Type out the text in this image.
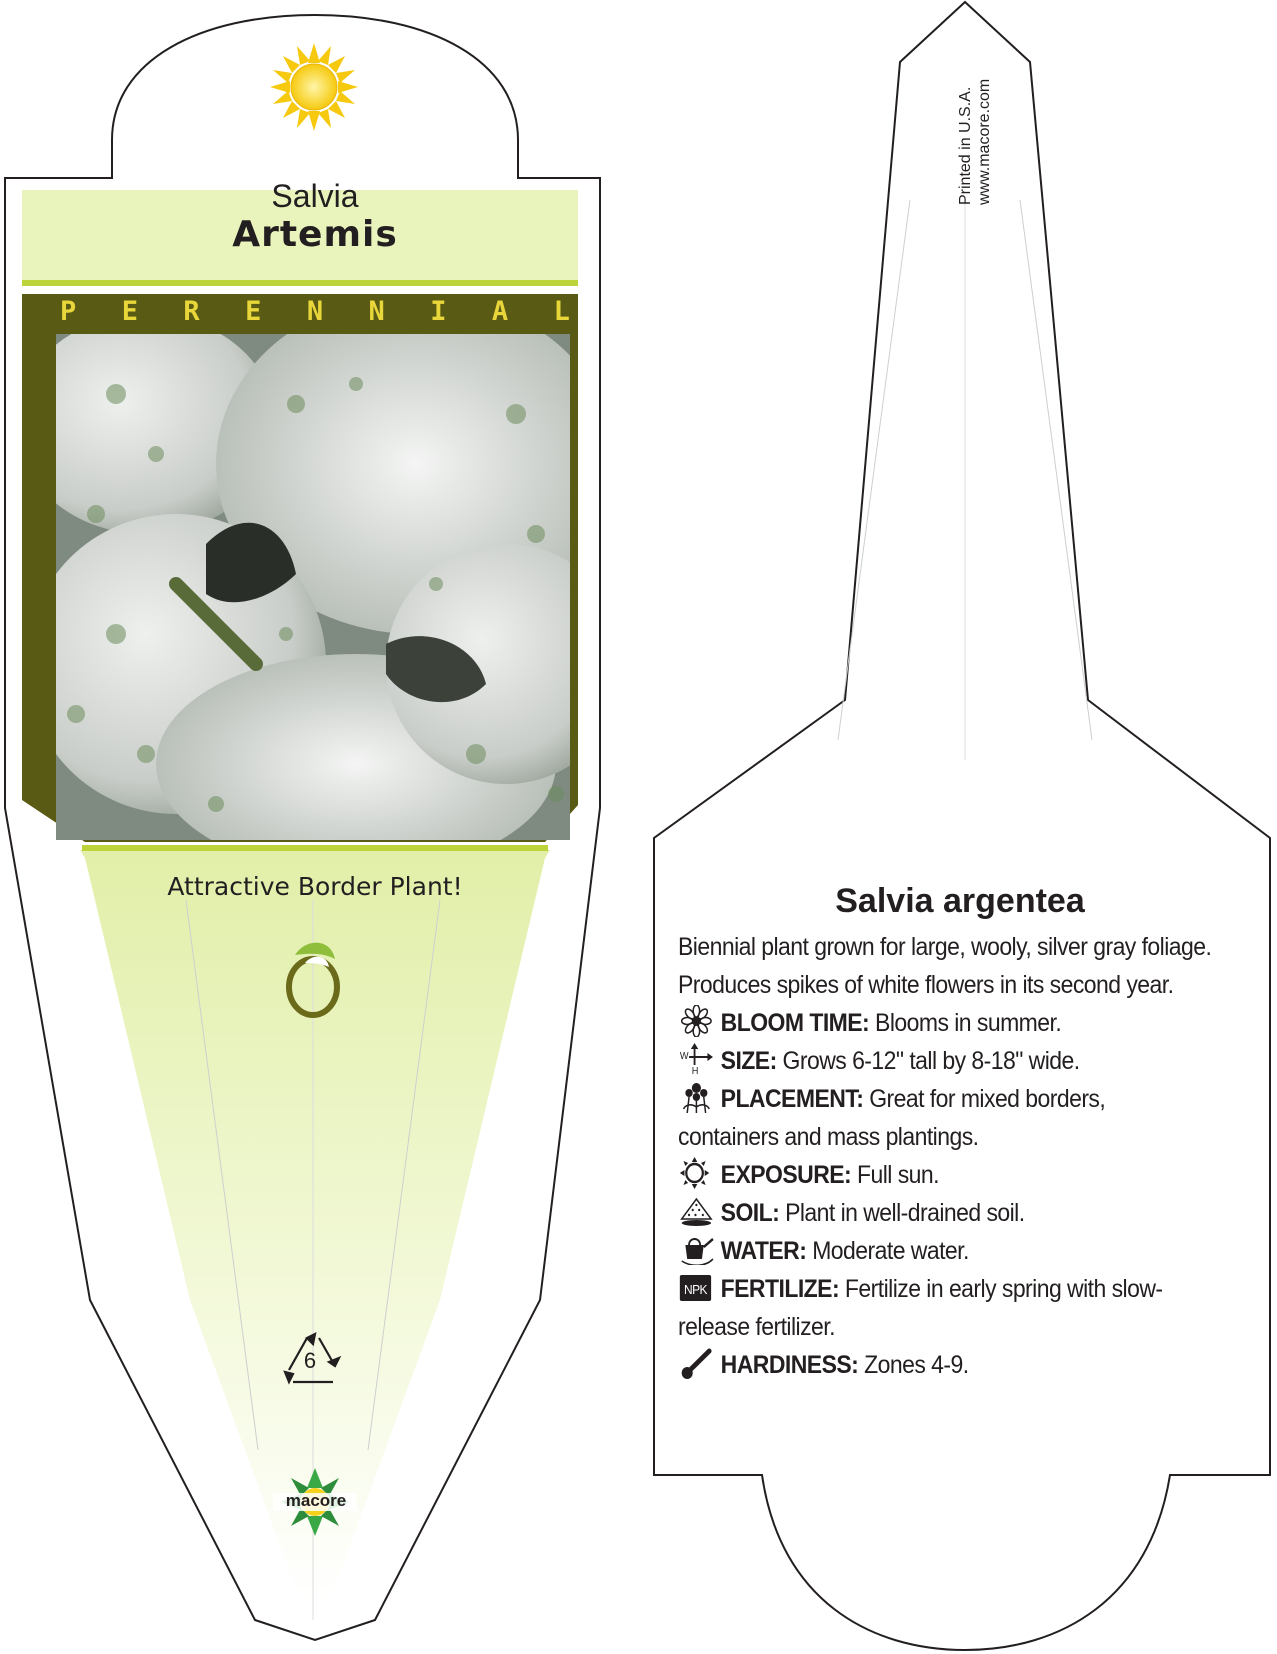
Salvia
Artemis
P E R E N N I A L
Attractive Border Plant!
6
macore
Printed in U.S.A. www.macore.com
Salvia argentea

Biennial plant grown for large, wooly, silver gray foliage. Produces spikes of white flowers in its second year.

BLOOM TIME: Blooms in summer.

W
H SIZE: Grows 6-12" tall by 8-18" wide.

PLACEMENT: Great for mixed borders, containers and mass plantings.

EXPOSURE: Full sun.

SOIL: Plant in well-drained soil.

WATER: Moderate water.

NPK FERTILIZE: Fertilize in early spring with slow-release fertilizer.

HARDINESS: Zones 4-9.
